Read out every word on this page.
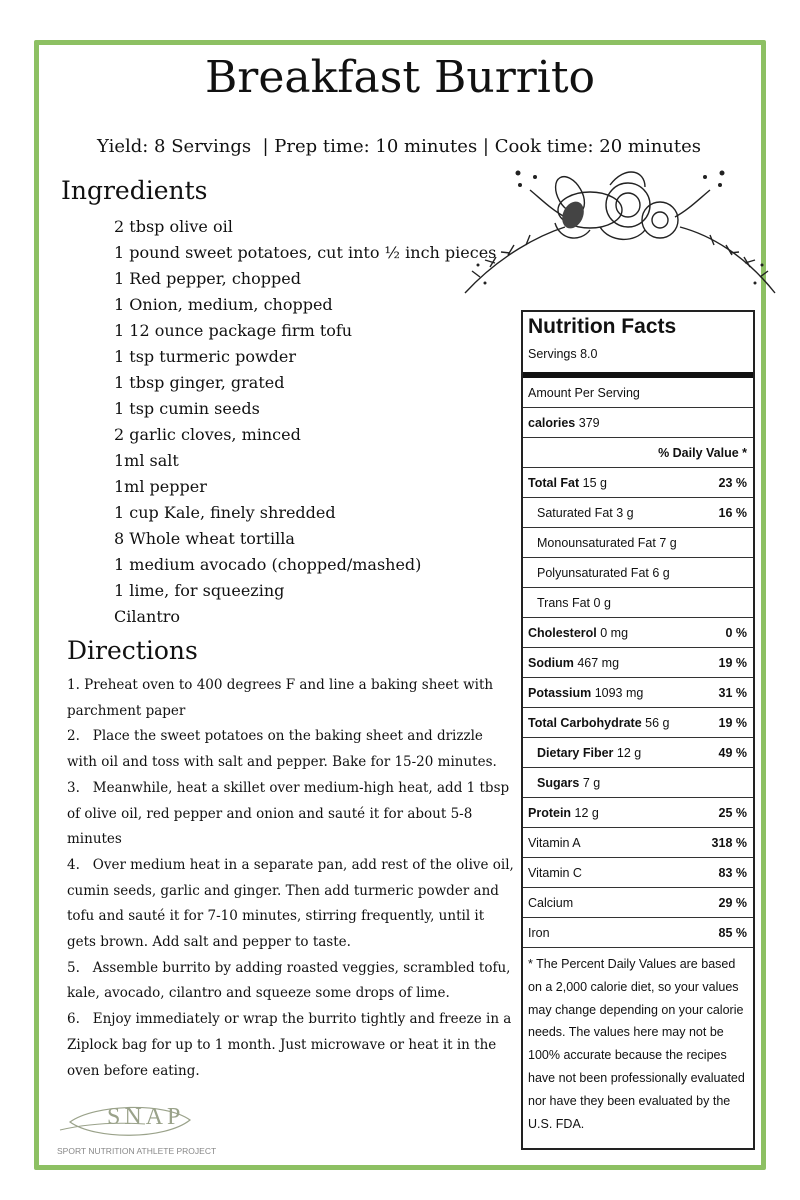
Breakfast Burrito
Yield: 8 Servings  | Prep time: 10 minutes | Cook time: 20 minutes
Ingredients
2 tbsp olive oil
1 pound sweet potatoes, cut into ½ inch pieces
1 Red pepper, chopped
1 Onion, medium, chopped
1 12 ounce package firm tofu
1 tsp turmeric powder
1 tbsp ginger, grated
1 tsp cumin seeds
2 garlic cloves, minced
1ml salt
1ml pepper
1 cup Kale, finely shredded
8 Whole wheat tortilla
1 medium avocado (chopped/mashed)
1 lime, for squeezing
Cilantro
Directions
1. Preheat oven to 400 degrees F and line a baking sheet with parchment paper
2.   Place the sweet potatoes on the baking sheet and drizzle with oil and toss with salt and pepper. Bake for 15-20 minutes.
3.   Meanwhile, heat a skillet over medium-high heat, add 1 tbsp of olive oil, red pepper and onion and sauté it for about 5-8 minutes
4.   Over medium heat in a separate pan, add rest of the olive oil, cumin seeds, garlic and ginger. Then add turmeric powder and tofu and sauté it for 7-10 minutes, stirring frequently, until it gets brown. Add salt and pepper to taste.
5.   Assemble burrito by adding roasted veggies, scrambled tofu, kale, avocado, cilantro and squeeze some drops of lime.
6.   Enjoy immediately or wrap the burrito tightly and freeze in a Ziplock bag for up to 1 month. Just microwave or heat it in the oven before eating.
Nutrition Facts
Servings 8.0
Amount Per Serving
calories 379
% Daily Value *
Total Fat 15 g	23 %
Saturated Fat 3 g	16 %
Monounsaturated Fat 7 g
Polyunsaturated Fat 6 g
Trans Fat 0 g
Cholesterol 0 mg	0 %
Sodium 467 mg	19 %
Potassium 1093 mg	31 %
Total Carbohydrate 56 g	19 %
Dietary Fiber 12 g	49 %
Sugars 7 g
Protein 12 g	25 %
Vitamin A	318 %
Vitamin C	83 %
Calcium	29 %
Iron	85 %
* The Percent Daily Values are based on a 2,000 calorie diet, so your values may change depending on your calorie needs. The values here may not be 100% accurate because the recipes have not been professionally evaluated nor have they been evaluated by the U.S. FDA.
SNAP
SPORT NUTRITION ATHLETE PROJECT
